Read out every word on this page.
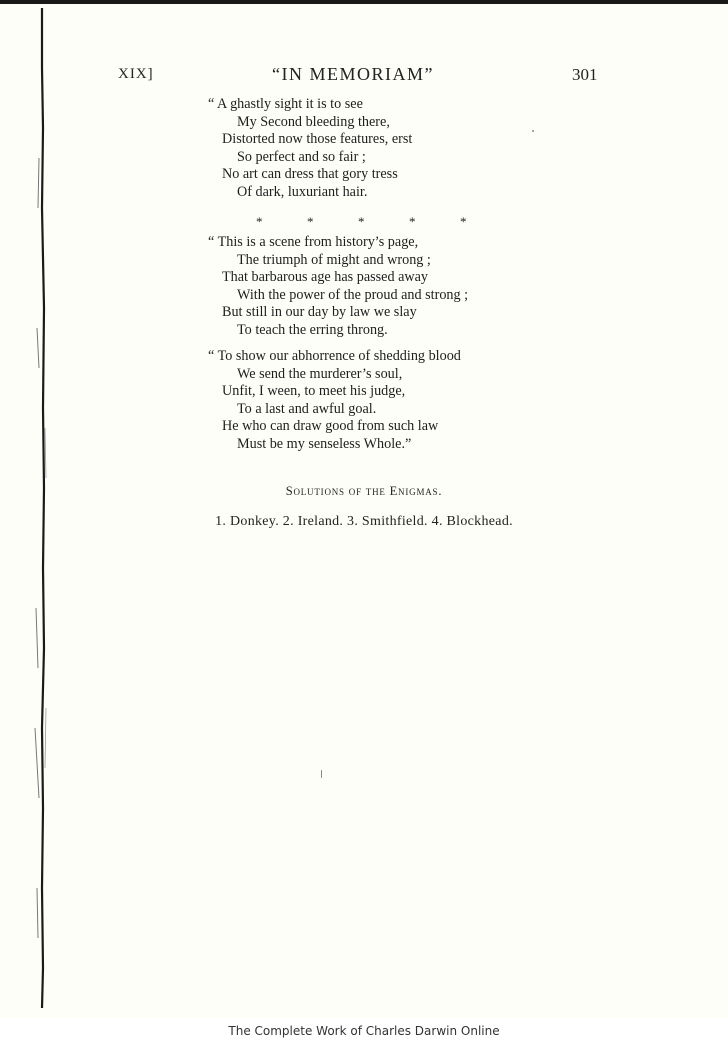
XIX]	“IN MEMORIAM”	301
“ A ghastly sight it is to see
My Second bleeding there,
Distorted now those features, erst
So perfect and so fair ;
No art can dress that gory tress
Of dark, luxuriant hair.
*	*	*	*	*
“ This is a scene from history’s page,
The triumph of might and wrong ;
That barbarous age has passed away
With the power of the proud and strong ;
But still in our day by law we slay
To teach the erring throng.
“ To show our abhorrence of shedding blood
We send the murderer’s soul,
Unfit, I ween, to meet his judge,
To a last and awful goal.
He who can draw good from such law
Must be my senseless Whole.”
Solutions of the Enigmas.
1. Donkey. 2. Ireland. 3. Smithfield. 4. Blockhead.
The Complete Work of Charles Darwin Online
